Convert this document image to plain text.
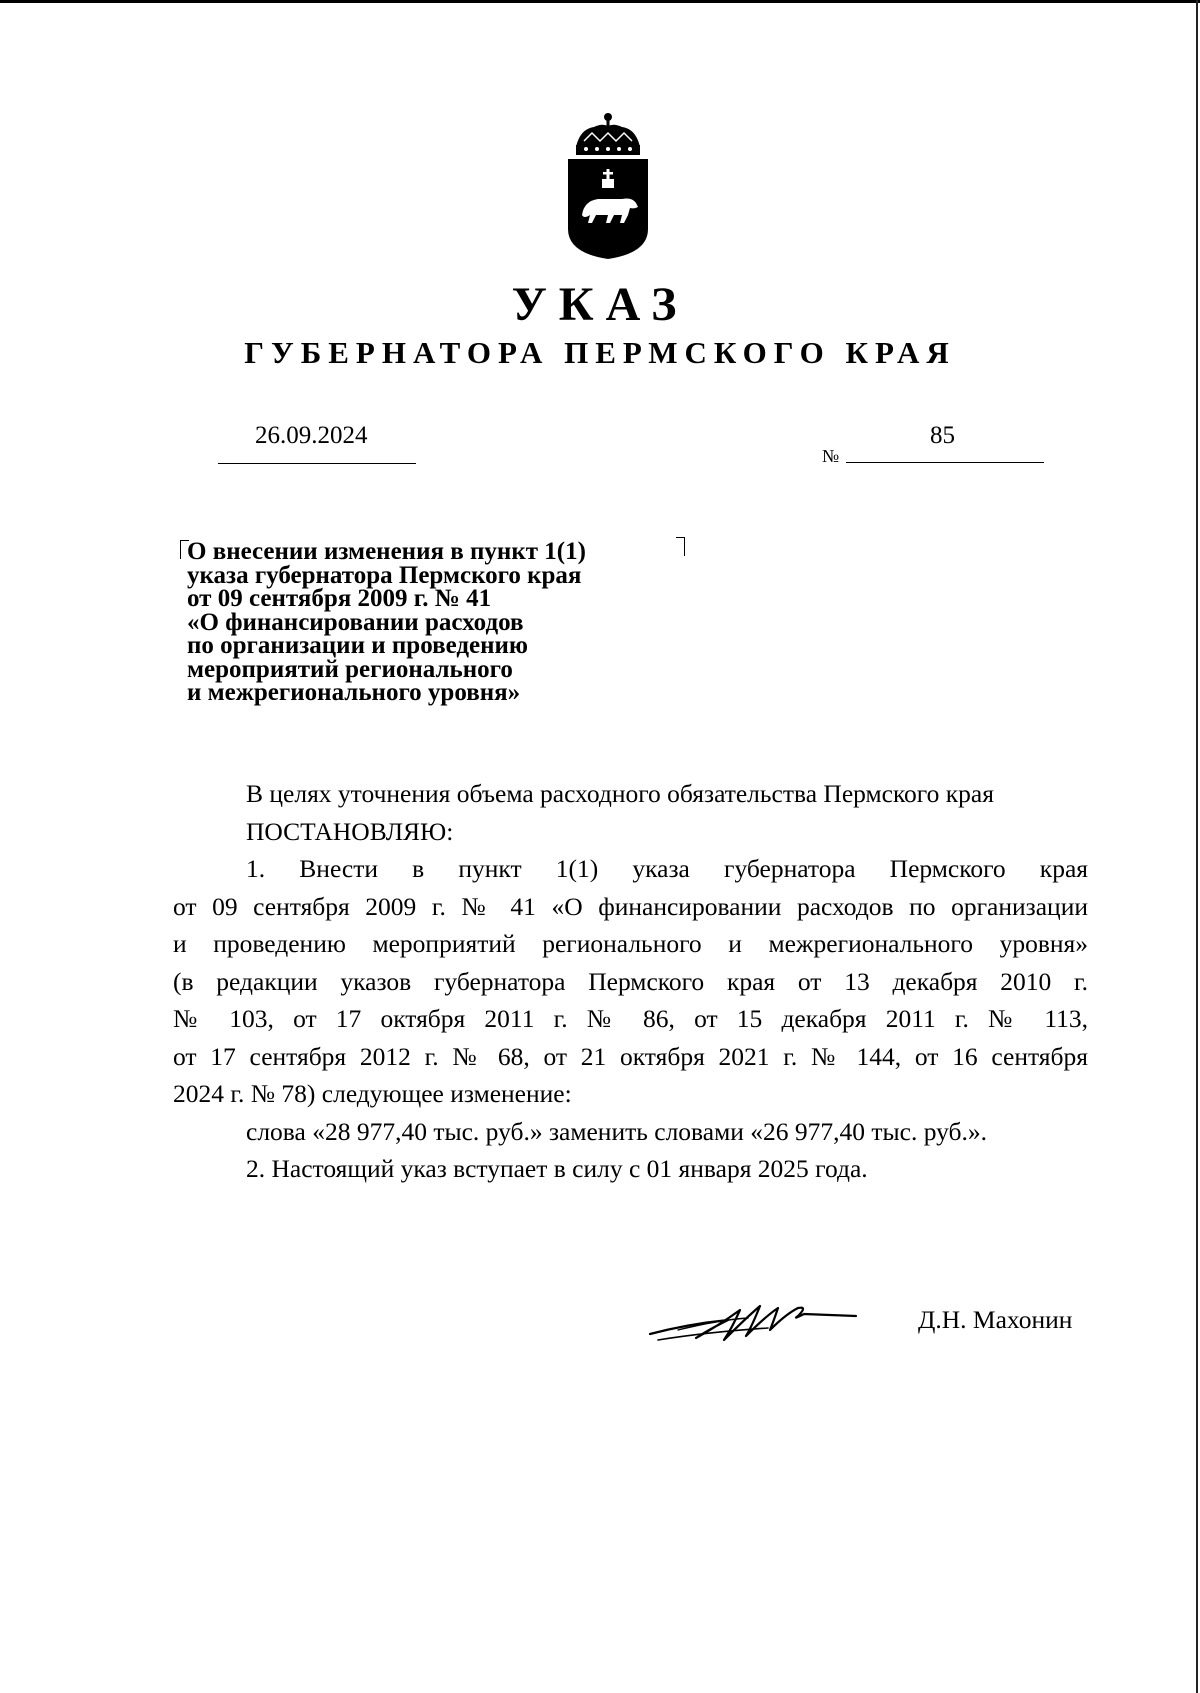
УКАЗ
ГУБЕРНАТОРА ПЕРМСКОГО КРАЯ
26.09.2024
№
85
О внесении изменения в пункт 1(1)
указа губернатора Пермского края
от 09 сентября 2009 г. № 41
«О финансировании расходов
по организации и проведению
мероприятий регионального
и межрегионального уровня»

В целях уточнения объема расходного обязательства Пермского края

ПОСТАНОВЛЯЮ:

1. Внести в пункт 1(1) указа губернатора Пермского края

от 09 сентября 2009 г. № 41 «О финансировании расходов по организации

и проведению мероприятий регионального и межрегионального уровня»

(в редакции указов губернатора Пермского края от 13 декабря 2010 г.

№ 103, от 17 октября 2011 г. № 86, от 15 декабря 2011 г. № 113,

от 17 сентября 2012 г. № 68, от 21 октября 2021 г. № 144, от 16 сентября

2024 г. № 78) следующее изменение:

слова «28 977,40 тыс. руб.» заменить словами «26 977,40 тыс. руб.».

2. Настоящий указ вступает в силу с 01 января 2025 года.

Д.Н. Махонин
